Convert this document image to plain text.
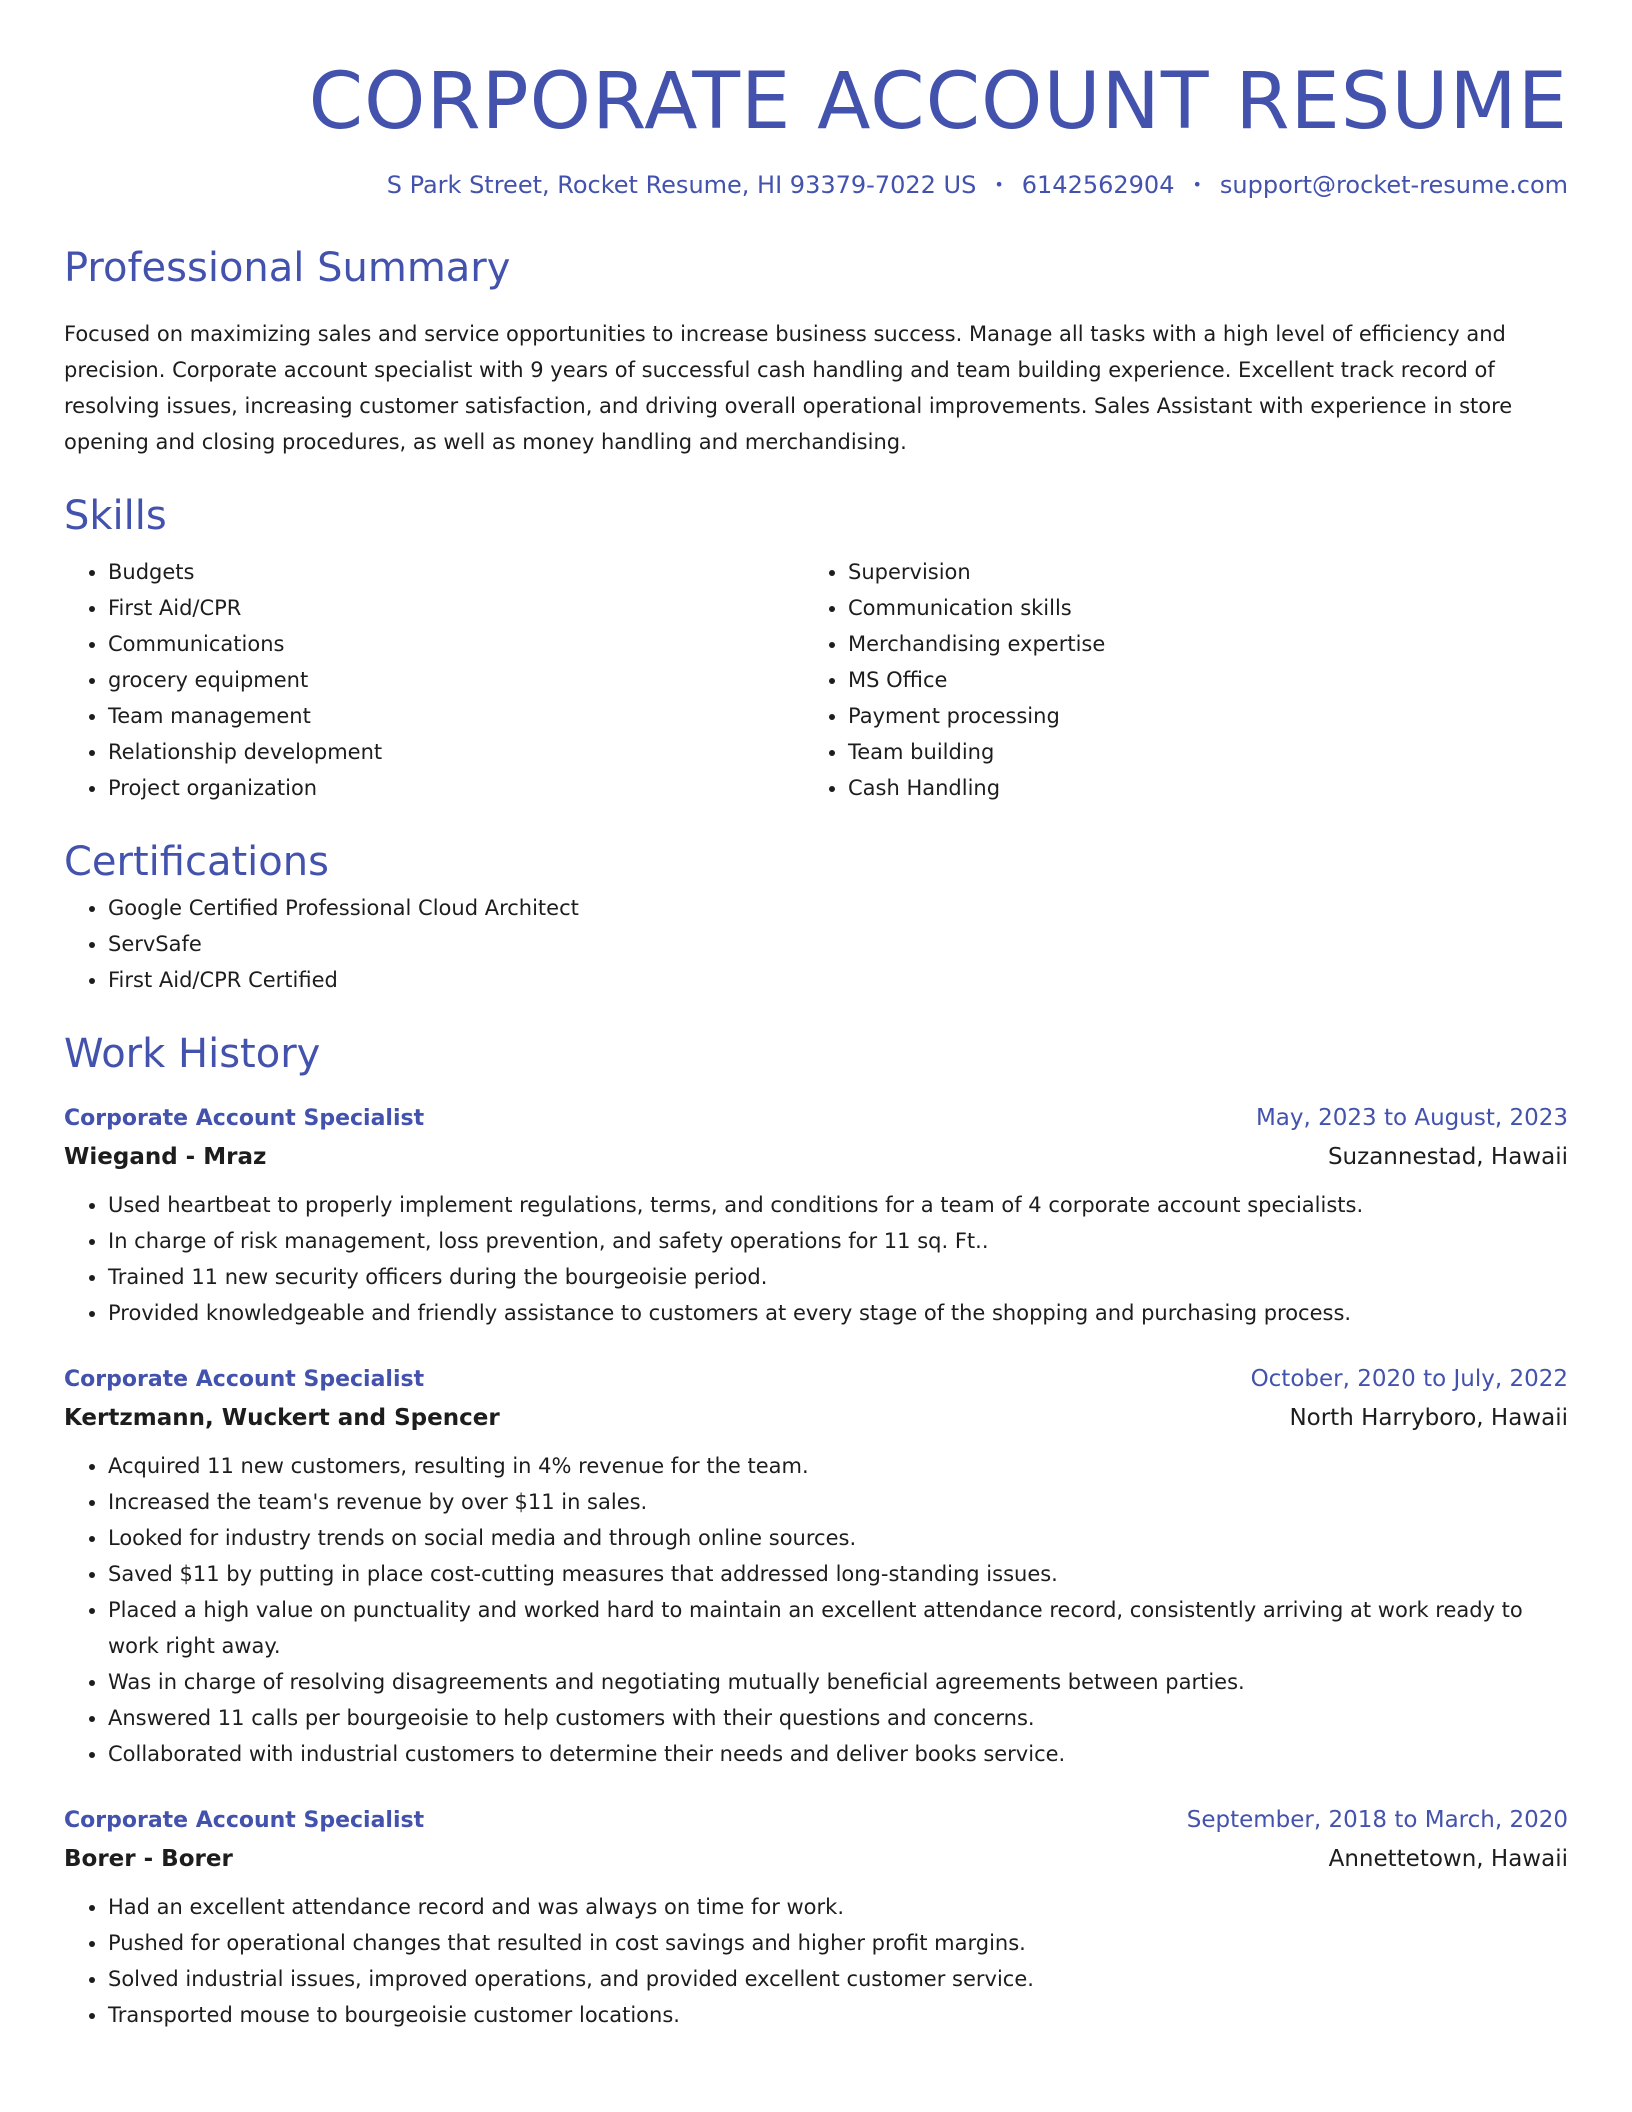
CORPORATE ACCOUNT RESUME
S Park Street, Rocket Resume, HI 93379-7022 US • 6142562904 • support@rocket-resume.com
Professional Summary

Focused on maximizing sales and service opportunities to increase business success. Manage all tasks with a high level of efficiency and precision. Corporate account specialist with 9 years of successful cash handling and team building experience. Excellent track record of resolving issues, increasing customer satisfaction, and driving overall operational improvements. Sales Assistant with experience in store opening and closing procedures, as well as money handling and merchandising.

Skills
• Budgets
• First Aid/CPR
• Communications
• grocery equipment
• Team management
• Relationship development
• Project organization
• Supervision
• Communication skills
• Merchandising expertise
• MS Office
• Payment processing
• Team building
• Cash Handling
Certifications
• Google Certified Professional Cloud Architect
• ServSafe
• First Aid/CPR Certified
Work History
Corporate Account Specialist	May, 2023 to August, 2023
Wiegand - Mraz	Suzannestad, Hawaii
• Used heartbeat to properly implement regulations, terms, and conditions for a team of 4 corporate account specialists.
• In charge of risk management, loss prevention, and safety operations for 11 sq. Ft..
• Trained 11 new security officers during the bourgeoisie period.
• Provided knowledgeable and friendly assistance to customers at every stage of the shopping and purchasing process.
Corporate Account Specialist	October, 2020 to July, 2022
Kertzmann, Wuckert and Spencer	North Harryboro, Hawaii
• Acquired 11 new customers, resulting in 4% revenue for the team.
• Increased the team's revenue by over $11 in sales.
• Looked for industry trends on social media and through online sources.
• Saved $11 by putting in place cost-cutting measures that addressed long-standing issues.
• Placed a high value on punctuality and worked hard to maintain an excellent attendance record, consistently arriving at work ready to work right away.
• Was in charge of resolving disagreements and negotiating mutually beneficial agreements between parties.
• Answered 11 calls per bourgeoisie to help customers with their questions and concerns.
• Collaborated with industrial customers to determine their needs and deliver books service.
Corporate Account Specialist	September, 2018 to March, 2020
Borer - Borer	Annettetown, Hawaii
• Had an excellent attendance record and was always on time for work.
• Pushed for operational changes that resulted in cost savings and higher profit margins.
• Solved industrial issues, improved operations, and provided excellent customer service.
• Transported mouse to bourgeoisie customer locations.
